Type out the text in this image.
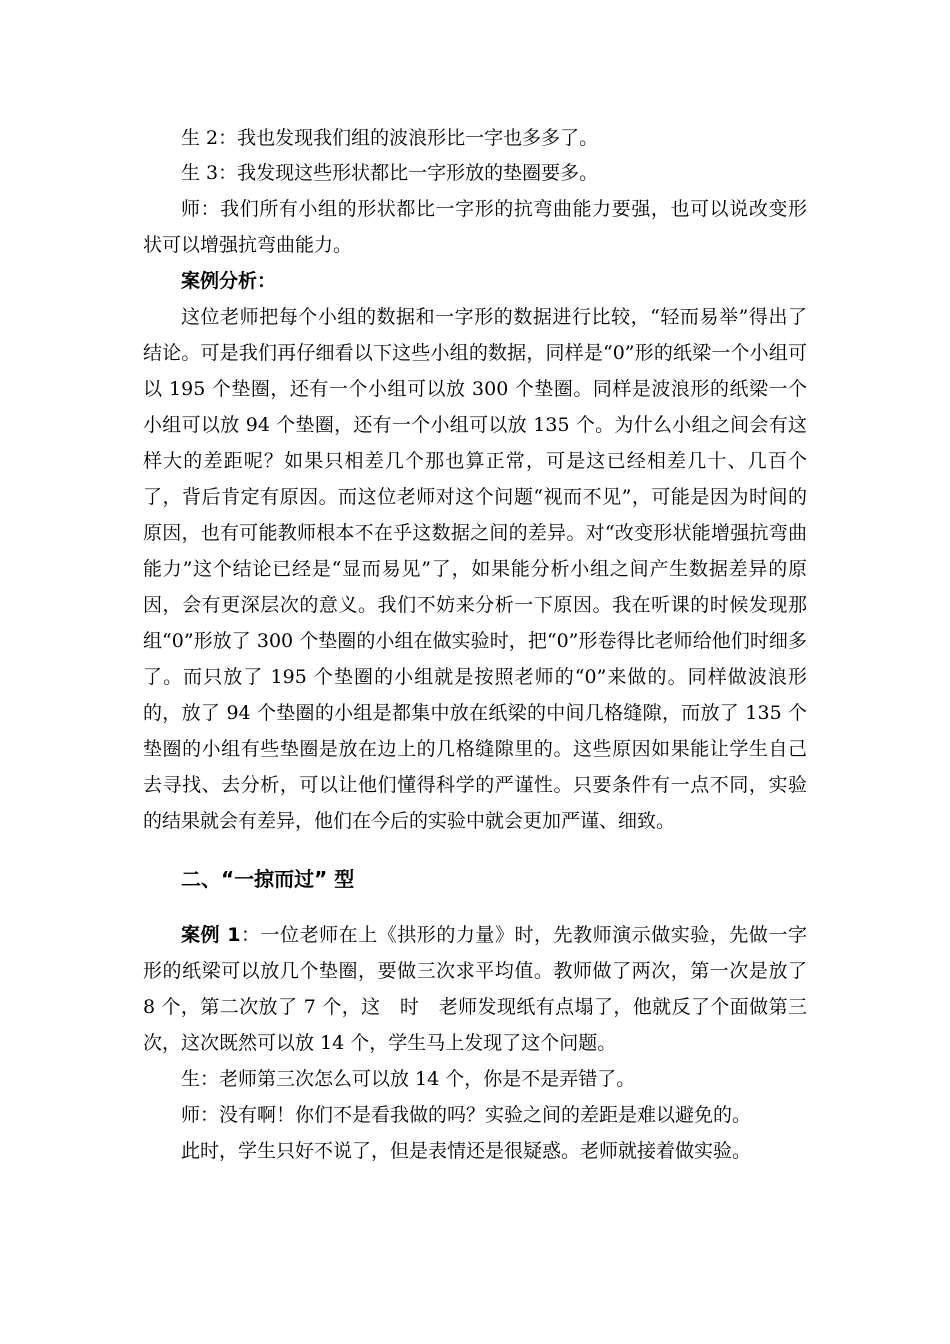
生 2：我也发现我们组的波浪形比一字也多多了。

生 3：我发现这些形状都比一字形放的垫圈要多。

师：我们所有小组的形状都比一字形的抗弯曲能力要强，也可以说改变形状可以增强抗弯曲能力。

案例分析：

这位老师把每个小组的数据和一字形的数据进行比较，“轻而易举”得出了结论。可是我们再仔细看以下这些小组的数据，同样是“0”形的纸梁一个小组可以 195 个垫圈，还有一个小组可以放 300 个垫圈。同样是波浪形的纸梁一个小组可以放 94 个垫圈，还有一个小组可以放 135 个。为什么小组之间会有这样大的差距呢？如果只相差几个那也算正常，可是这已经相差几十、几百个了，背后肯定有原因。而这位老师对这个问题“视而不见”，可能是因为时间的原因，也有可能教师根本不在乎这数据之间的差异。对“改变形状能增强抗弯曲能力”这个结论已经是“显而易见”了，如果能分析小组之间产生数据差异的原因，会有更深层次的意义。我们不妨来分析一下原因。我在听课的时候发现那组“0”形放了 300 个垫圈的小组在做实验时，把“0”形卷得比老师给他们时细多了。而只放了 195 个垫圈的小组就是按照老师的“0”来做的。同样做波浪形的，放了 94 个垫圈的小组是都集中放在纸梁的中间几格缝隙，而放了 135 个垫圈的小组有些垫圈是放在边上的几格缝隙里的。这些原因如果能让学生自己去寻找、去分析，可以让他们懂得科学的严谨性。只要条件有一点不同，实验的结果就会有差异，他们在今后的实验中就会更加严谨、细致。

二、“一掠而过” 型

案例 1：一位老师在上《拱形的力量》时，先教师演示做实验，先做一字形的纸梁可以放几个垫圈，要做三次求平均值。教师做了两次，第一次是放了 8 个，第二次放了 7 个，这　时　老师发现纸有点塌了，他就反了个面做第三次，这次既然可以放 14 个，学生马上发现了这个问题。

生：老师第三次怎么可以放 14 个，你是不是弄错了。

师：没有啊！你们不是看我做的吗？实验之间的差距是难以避免的。

此时，学生只好不说了，但是表情还是很疑惑。老师就接着做实验。
